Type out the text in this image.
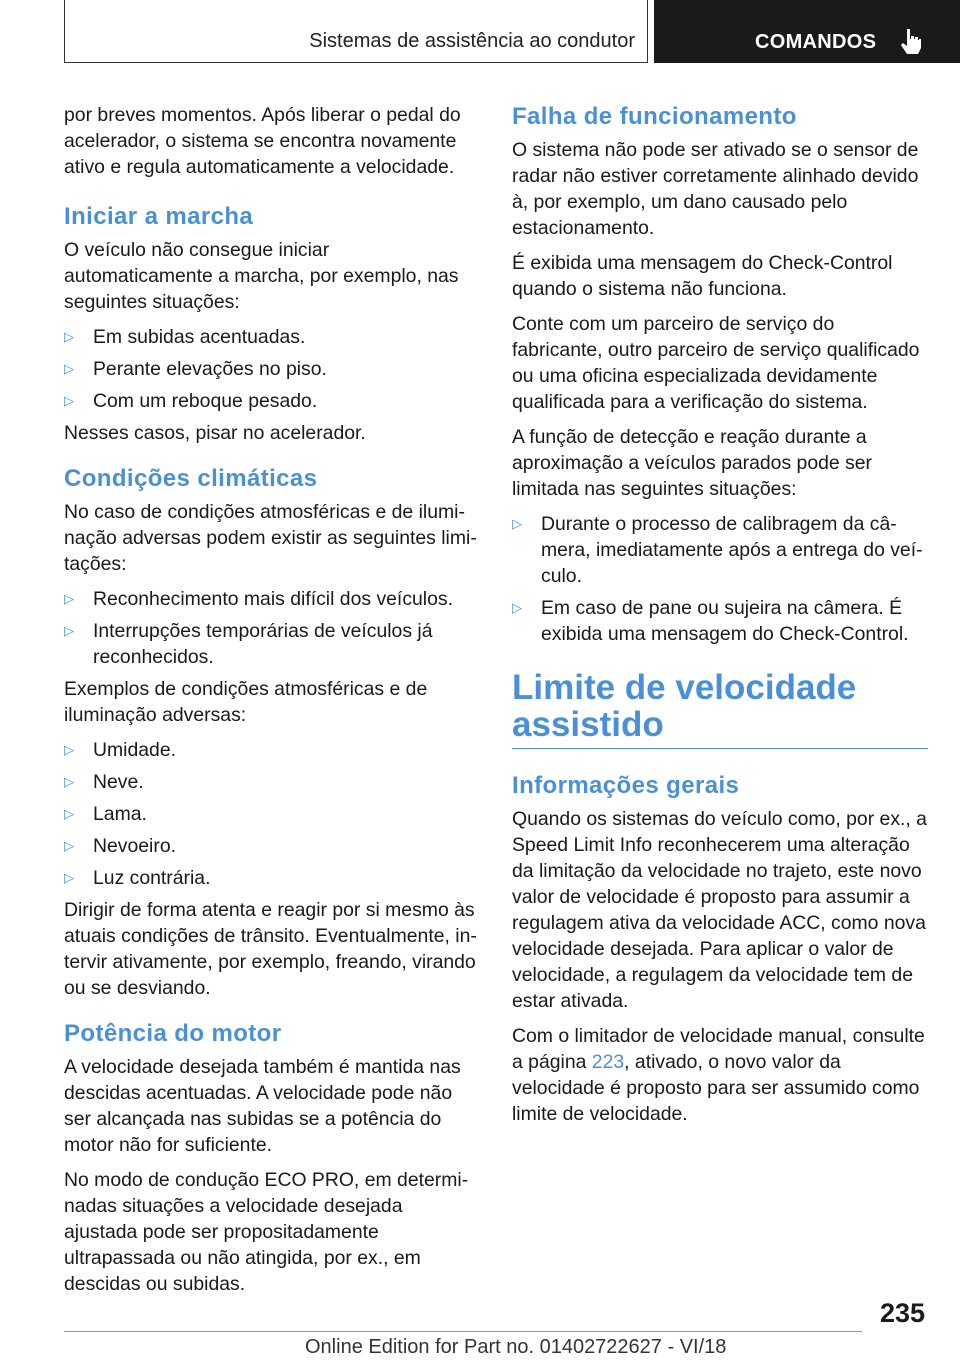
Sistemas de assistência ao condutor	COMANDOS

por breves momentos. Após liberar o pedal do acelerador, o sistema se encontra novamente ativo e regula automaticamente a velocidade.

Iniciar a marcha

O veículo não consegue iniciar automaticamente a marcha, por exemplo, nas seguintes situações:

▷ Em subidas acentuadas.
▷ Perante elevações no piso.
▷ Com um reboque pesado.

Nesses casos, pisar no acelerador.

Condições climáticas

No caso de condições atmosféricas e de iluminação adversas podem existir as seguintes limitações:

▷ Reconhecimento mais difícil dos veículos.
▷ Interrupções temporárias de veículos já reconhecidos.

Exemplos de condições atmosféricas e de iluminação adversas:

▷ Umidade.
▷ Neve.
▷ Lama.
▷ Nevoeiro.
▷ Luz contrária.

Dirigir de forma atenta e reagir por si mesmo às atuais condições de trânsito. Eventualmente, intervir ativamente, por exemplo, freando, virando ou se desviando.

Potência do motor

A velocidade desejada também é mantida nas descidas acentuadas. A velocidade pode não ser alcançada nas subidas se a potência do motor não for suficiente.

No modo de condução ECO PRO, em determinadas situações a velocidade desejada ajustada pode ser propositadamente ultrapassada ou não atingida, por ex., em descidas ou subidas.

Falha de funcionamento

O sistema não pode ser ativado se o sensor de radar não estiver corretamente alinhado devido à, por exemplo, um dano causado pelo estacionamento.

É exibida uma mensagem do Check-Control quando o sistema não funciona.

Conte com um parceiro de serviço do fabricante, outro parceiro de serviço qualificado ou uma oficina especializada devidamente qualificada para a verificação do sistema.

A função de detecção e reação durante a aproximação a veículos parados pode ser limitada nas seguintes situações:

▷ Durante o processo de calibragem da câmera, imediatamente após a entrega do veículo.
▷ Em caso de pane ou sujeira na câmera. É exibida uma mensagem do Check-Control.
Limite de velocidade assistido
Informações gerais

Quando os sistemas do veículo como, por ex., a Speed Limit Info reconhecerem uma alteração da limitação da velocidade no trajeto, este novo valor de velocidade é proposto para assumir a regulagem ativa da velocidade ACC, como nova velocidade desejada. Para aplicar o valor de velocidade, a regulagem da velocidade tem de estar ativada.

Com o limitador de velocidade manual, consulte a página 223, ativado, o novo valor da velocidade é proposto para ser assumido como limite de velocidade.

235
Online Edition for Part no. 01402722627 - VI/18
